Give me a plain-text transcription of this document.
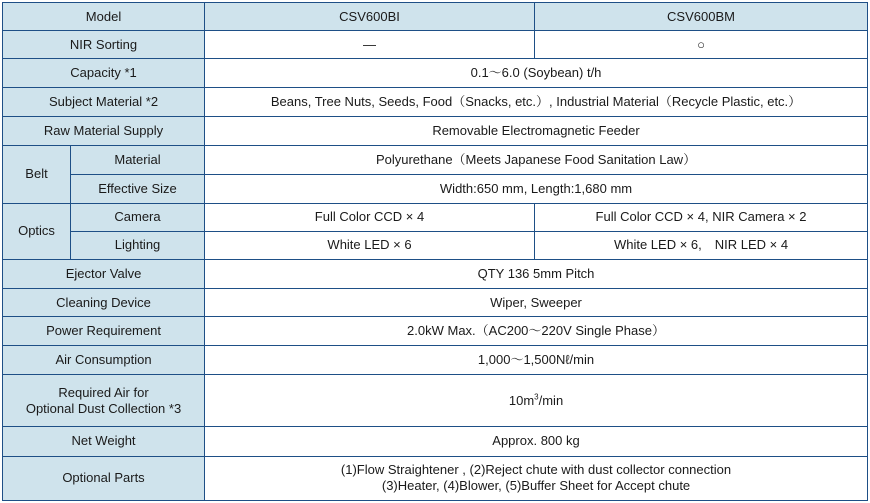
Model		CSV600BI	CSV600BM
NIR Sorting		—	○
Capacity *1		0.1～6.0 (Soybean) t/h	
Subject Material *2		Beans, Tree Nuts, Seeds, Food（Snacks, etc.）, Industrial Material（Recycle Plastic, etc.）	
Raw Material Supply		Removable Electromagnetic Feeder	
Belt	Material	Polyurethane（Meets Japanese Food Sanitation Law）	
	Effective Size	Width:650 mm, Length:1,680 mm	
Optics	Camera	Full Color CCD × 4	Full Color CCD × 4, NIR Camera × 2
	Lighting	White LED × 6	White LED × 6,　NIR LED × 4
Ejector Valve		QTY 136 5mm Pitch	
Cleaning Device		Wiper, Sweeper	
Power Requirement		2.0kW Max.（AC200～220V Single Phase）	
Air Consumption		1,000～1,500Nℓ/min	

Required Air for
Optional Dust Collection *3		$10m^3/\min$	
Net Weight		Approx. 800 kg	
Optional Parts		(1)Flow Straightener , (2)Reject chute with dust collector connection
(3)Heater, (4)Blower, (5)Buffer Sheet for Accept chute	
